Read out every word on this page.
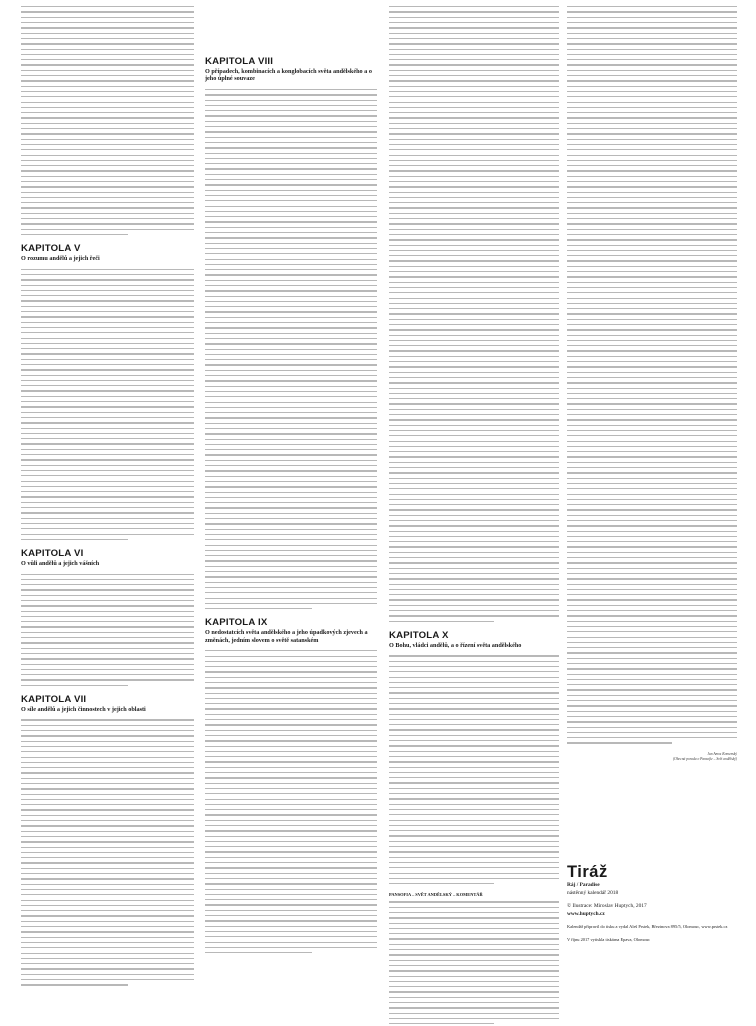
KAPITOLA V
O rozumu andělů a jejich řeči
KAPITOLA VI
O vůli andělů a jejich vášních
KAPITOLA VII
O síle andělů a jejich činnostech v jejich oblasti
KAPITOLA VIII
O případech, kombinacích a konglobacích světa andělského a o jeho úplné souvaze
KAPITOLA IX
O nedostatcích světa andělského a jeho úpadkových zjevech a změnách, jedním slovem o světě satanském	KAPITOLA X
O Bohu, vládci andělů, a o řízení světa andělského
PANSOFIA – SVĚT ANDĚLSKÝ – KOMENTÁŘ
Jan Amos Komenský
(Obecná porada o Pansofie – Svět andělský)
Tiráž
Ráj / Paradise
nástěnný kalendář 2018
© Ilustrace: Miroslav Huptych, 2017
www.huptych.cz
Kalendář připravil do tisku a vydal Aleš Prstek, Březinova 895/5, Olomouc, www.prstek.cz
V říjnu 2017 vytiskla tiskárna Epava, Olomouc
